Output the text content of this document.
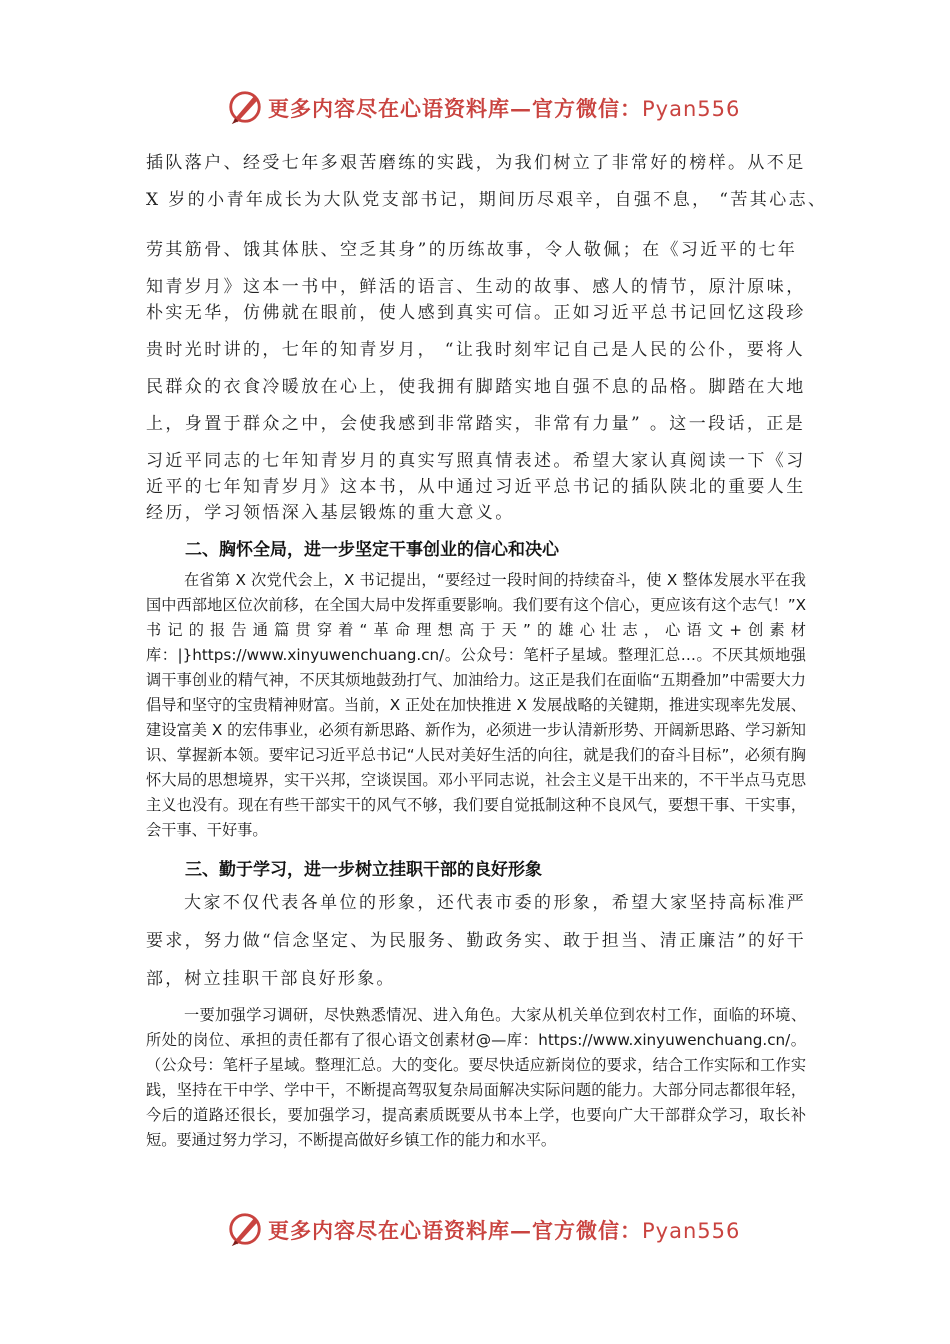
更多内容尽在心语资料库—官方微信：Pyan556
插队落户、经受七年多艰苦磨练的实践，为我们树立了非常好的榜样。从不足
X 岁的小青年成长为大队党支部书记，期间历尽艰辛，自强不息， “苦其心志、
劳其筋骨、饿其体肤、空乏其身”的历练故事，令人敬佩；在《习近平的七年
知青岁月》这本一书中，鲜活的语言、生动的故事、感人的情节，原汁原味，
朴实无华，仿佛就在眼前，使人感到真实可信。正如习近平总书记回忆这段珍
贵时光时讲的，七年的知青岁月， “让我时刻牢记自己是人民的公仆，要将人
民群众的衣食冷暖放在心上，使我拥有脚踏实地自强不息的品格。脚踏在大地
上，身置于群众之中，会使我感到非常踏实，非常有力量” 。这一段话，正是
习近平同志的七年知青岁月的真实写照真情表述。希望大家认真阅读一下《习
近平的七年知青岁月》这本书，从中通过习近平总书记的插队陕北的重要人生
经历，学习领悟深入基层锻炼的重大意义。
二、胸怀全局，进一步坚定干事创业的信心和决心
在省第 X 次党代会上，X 书记提出，“要经过一段时间的持续奋斗，使 X 整体发展水平在我国中西部地区位次前移，在全国大局中发挥重要影响。我们要有这个信心，更应该有这个志气！”X 书记的报告通篇贯穿着“革命理想高于天”的雄心壮志，心语文+创素材库：|}https://www.xinyuwenchuang.cn/。公众号：笔杆子星域。整理汇总…。不厌其烦地强调干事创业的精气神，不厌其烦地鼓劲打气、加油给力。这正是我们在面临“五期叠加”中需要大力倡导和坚守的宝贵精神财富。当前，X 正处在加快推进 X 发展战略的关键期，推进实现率先发展、建设富美 X 的宏伟事业，必须有新思路、新作为，必须进一步认清新形势、开阔新思路、学习新知识、掌握新本领。要牢记习近平总书记“人民对美好生活的向往，就是我们的奋斗目标”，必须有胸怀大局的思想境界，实干兴邦，空谈误国。邓小平同志说，社会主义是干出来的，不干半点马克思主义也没有。现在有些干部实干的风气不够，我们要自觉抵制这种不良风气，要想干事、干实事，会干事、干好事。
三、勤于学习，进一步树立挂职干部的良好形象
大家不仅代表各单位的形象，还代表市委的形象，希望大家坚持高标准严要求，努力做“信念坚定、为民服务、勤政务实、敢于担当、清正廉洁”的好干部，树立挂职干部良好形象。
一要加强学习调研，尽快熟悉情况、进入角色。大家从机关单位到农村工作，面临的环境、所处的岗位、承担的责任都有了很心语文创素材@—库：https://www.xinyuwenchuang.cn/。（公众号：笔杆子星域。整理汇总。大的变化。要尽快适应新岗位的要求，结合工作实际和工作实践，坚持在干中学、学中干，不断提高驾驭复杂局面解决实际问题的能力。大部分同志都很年轻，今后的道路还很长，要加强学习，提高素质既要从书本上学，也要向广大干部群众学习，取长补短。要通过努力学习，不断提高做好乡镇工作的能力和水平。
更多内容尽在心语资料库—官方微信：Pyan556
